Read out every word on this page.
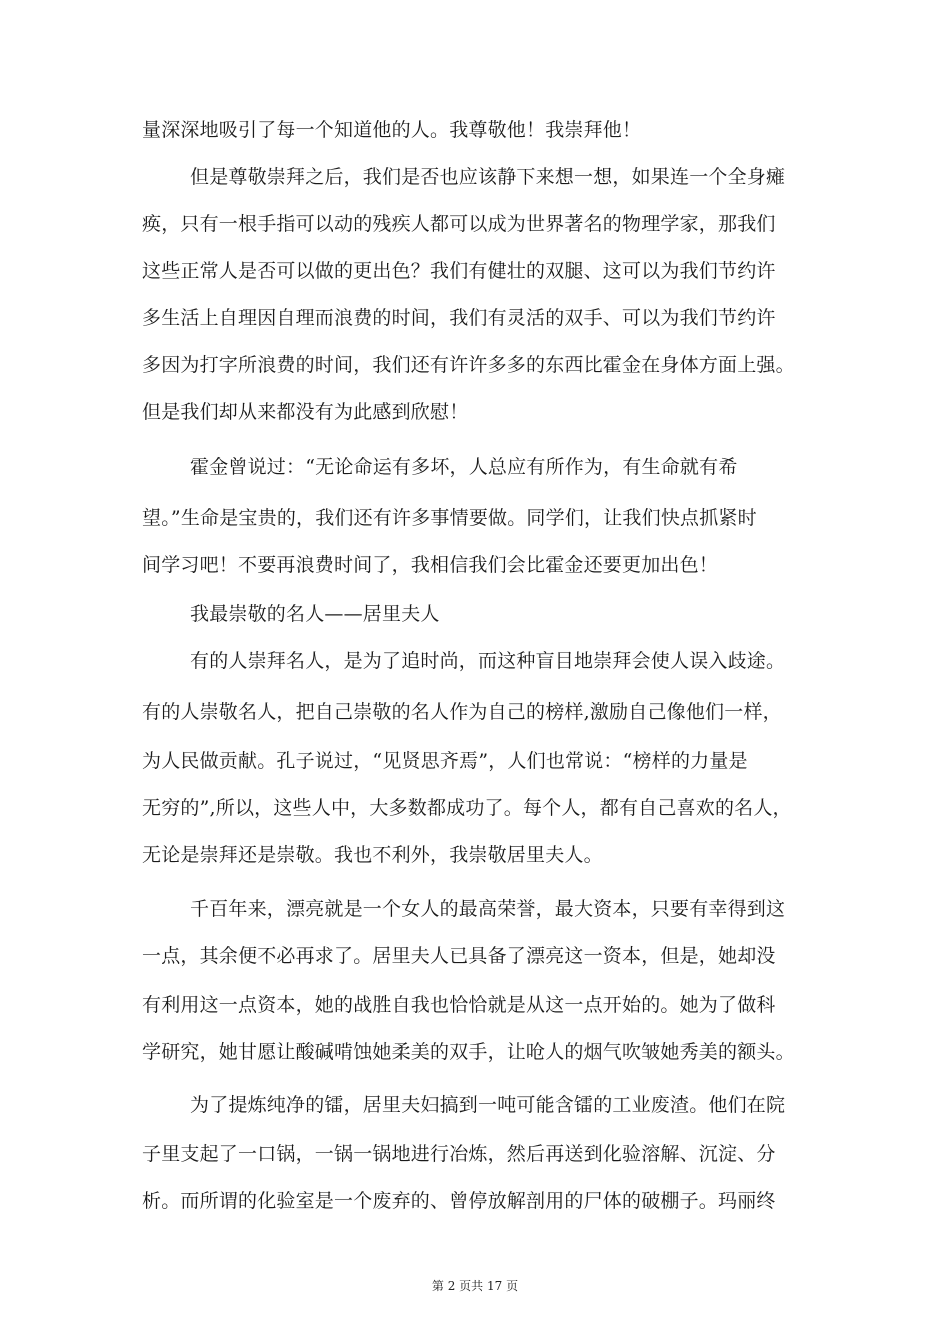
量深深地吸引了每一个知道他的人。我尊敬他！我崇拜他！
但是尊敬崇拜之后，我们是否也应该静下来想一想，如果连一个全身瘫
痪，只有一根手指可以动的残疾人都可以成为世界著名的物理学家，那我们
这些正常人是否可以做的更出色？我们有健壮的双腿、这可以为我们节约许
多生活上自理因自理而浪费的时间，我们有灵活的双手、可以为我们节约许
多因为打字所浪费的时间，我们还有许许多多的东西比霍金在身体方面上强。
但是我们却从来都没有为此感到欣慰！
霍金曾说过：“无论命运有多坏，人总应有所作为，有生命就有希
望。”生命是宝贵的，我们还有许多事情要做。同学们，让我们快点抓紧时
间学习吧！不要再浪费时间了，我相信我们会比霍金还要更加出色！
我最崇敬的名人——居里夫人
有的人崇拜名人，是为了追时尚，而这种盲目地崇拜会使人误入歧途。
有的人崇敬名人，把自己崇敬的名人作为自己的榜样,激励自己像他们一样，
为人民做贡献。孔子说过，“见贤思齐焉”，人们也常说：“榜样的力量是
无穷的”,所以，这些人中，大多数都成功了。每个人，都有自己喜欢的名人，
无论是崇拜还是崇敬。我也不利外，我崇敬居里夫人。
千百年来，漂亮就是一个女人的最高荣誉，最大资本，只要有幸得到这
一点，其余便不必再求了。居里夫人已具备了漂亮这一资本，但是，她却没
有利用这一点资本，她的战胜自我也恰恰就是从这一点开始的。她为了做科
学研究，她甘愿让酸碱啃蚀她柔美的双手，让呛人的烟气吹皱她秀美的额头。
为了提炼纯净的镭，居里夫妇搞到一吨可能含镭的工业废渣。他们在院
子里支起了一口锅，一锅一锅地进行冶炼，然后再送到化验溶解、沉淀、分
析。而所谓的化验室是一个废弃的、曾停放解剖用的尸体的破棚子。玛丽终
第 2 页共 17 页
